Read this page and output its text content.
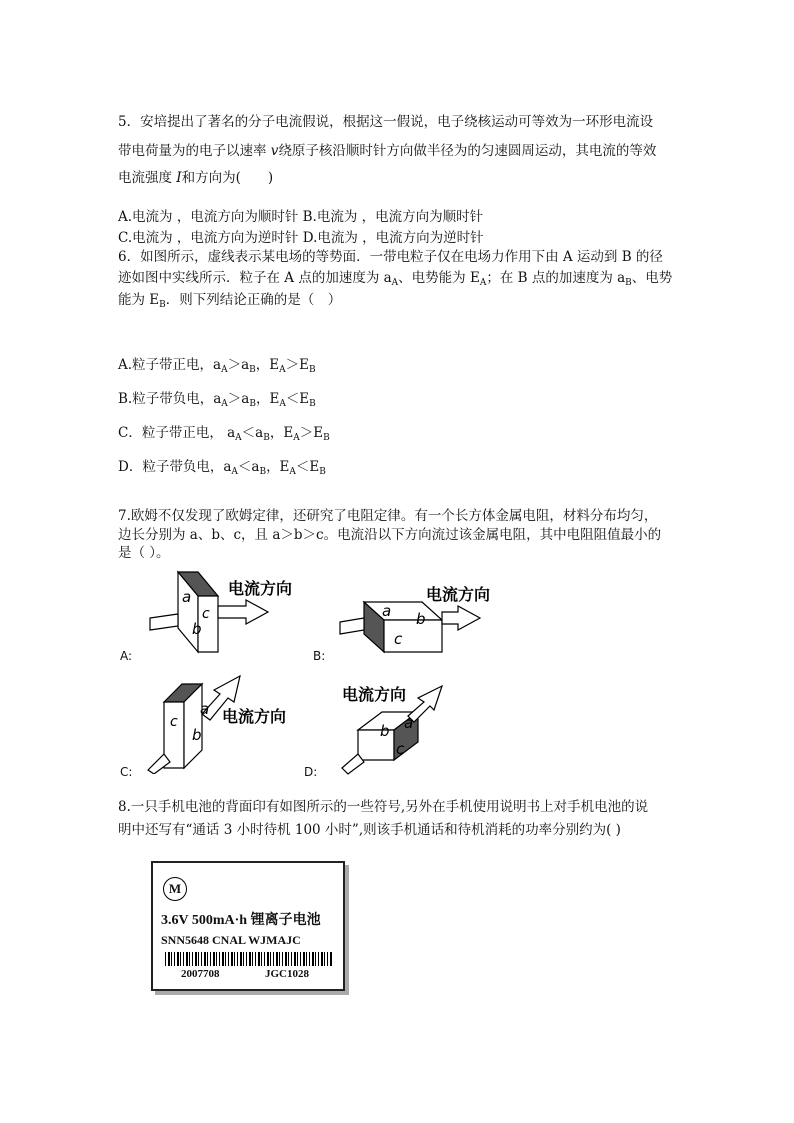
5．安培提出了著名的分子电流假说，根据这一假说，电子绕核运动可等效为一环形电流设
带电荷量为的电子以速率 v绕原子核沿顺时针方向做半径为的匀速圆周运动，其电流的等效
电流强度 I和方向为(　　)
A.电流为 ，电流方向为顺时针 B.电流为 ，电流方向为顺时针
C.电流为 ，电流方向为逆时针 D.电流为 ，电流方向为逆时针
6．如图所示，虚线表示某电场的等势面．一带电粒子仅在电场力作用下由 A 运动到 B 的径
迹如图中实线所示．粒子在 A 点的加速度为 $a_A$、电势能为 $E_A$；在 B 点的加速度为 $a_B$、电势
能为 $E_B$．则下列结论正确的是（　）
A.粒子带正电，$a_A>a_B$，$E_A>E_B$
B.粒子带负电，$a_A>a_B$，$E_A<E_B$
C．粒子带正电， $a_A<a_B$，$E_A>E_B$
D．粒子带负电，$a_A<a_B$，$E_A<E_B$
7.欧姆不仅发现了欧姆定律，还研究了电阻定律。有一个长方体金属电阻，材料分布均匀，
边长分别为 a、b、c，且 a＞b＞c。电流沿以下方向流过该金属电阻，其中电阻阻值最小的
是（ ）。
电流方向
a
c
b
A:
电流方向
a b
c
B:
电流方向
c
a
b
C:
电流方向
a
b
c
D:
8.一只手机电池的背面印有如图所示的一些符号,另外在手机使用说明书上对手机电池的说
明中还写有“通话 3 小时待机 100 小时”,则该手机通话和待机消耗的功率分别约为( )
M
3.6V 500mA·h 锂离子电池
SNN5648 CNAL WJMAJC
2007708	JGC1028
